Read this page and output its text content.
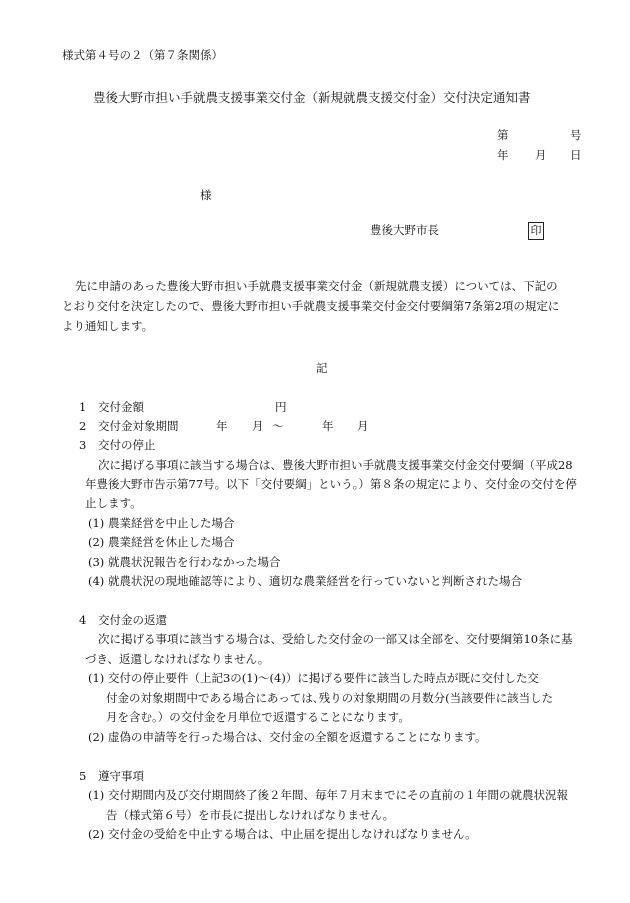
様式第４号の２（第７条関係）
豊後大野市担い手就農支援事業交付金（新規就農支援交付金）交付決定通知書
第	号
年 月 日
様
豊後大野市長	印
先に申請のあった豊後大野市担い手就農支援事業交付金（新規就農支援）については、下記の
とおり交付を決定したので、豊後大野市担い手就農支援事業交付金交付要綱第7条第2項の規定に
より通知します。
記
1 交付金額	円
2 交付金対象期間	年 月 ～	年 月
3 交付の停止
次に掲げる事項に該当する場合は、豊後大野市担い手就農支援事業交付金交付要綱（平成28
年豊後大野市告示第77号。以下「交付要綱」という。）第８条の規定により、交付金の交付を停
止します。
(1) 農業経営を中止した場合
(2) 農業経営を休止した場合
(3) 就農状況報告を行わなかった場合
(4) 就農状況の現地確認等により、適切な農業経営を行っていないと判断された場合
4 交付金の返還
次に掲げる事項に該当する場合は、受給した交付金の一部又は全部を、交付要綱第10条に基
づき、返還しなければなりません。
(1) 交付の停止要件（上記3の(1)～(4)）に掲げる要件に該当した時点が既に交付した交
付金の対象期間中である場合にあっては､残りの対象期間の月数分(当該要件に該当した
月を含む。）の交付金を月単位で返還することになります。
(2) 虚偽の申請等を行った場合は、交付金の全額を返還することになります。
5 遵守事項
(1) 交付期間内及び交付期間終了後２年間、毎年７月末までにその直前の１年間の就農状況報
告（様式第６号）を市長に提出しなければなりません。
(2) 交付金の受給を中止する場合は、中止届を提出しなければなりません。
